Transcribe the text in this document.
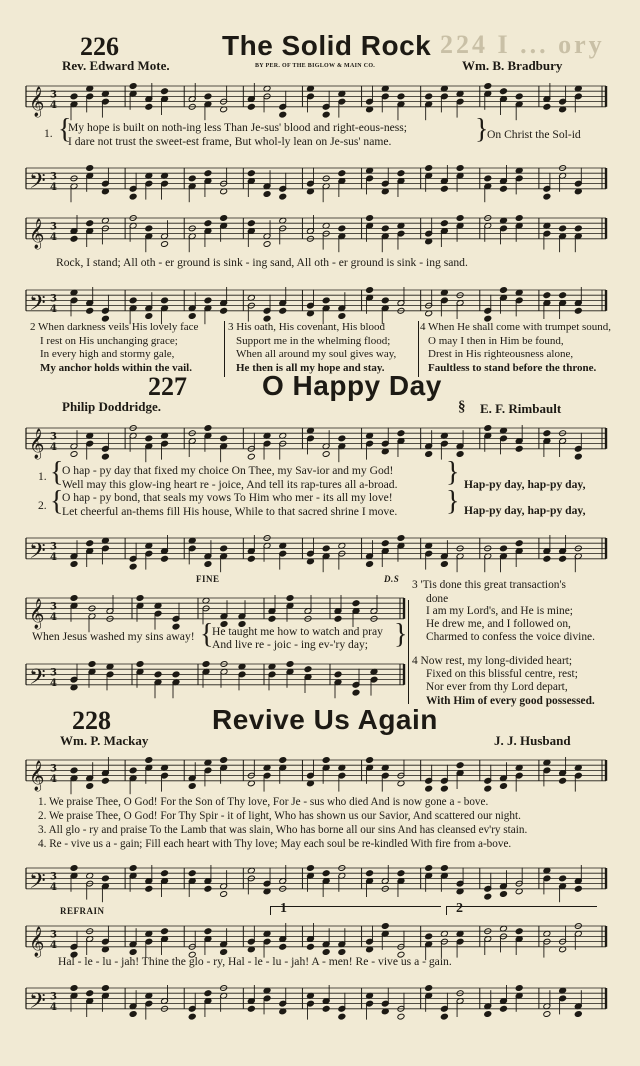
224 I ... ory
226	The Solid Rock
Rev. Edward Mote.	BY PER. OF THE BIGLOW & MAIN CO.	Wm. B. Bradbury
𝄞 3
4
1. {
My hope is built on noth-ing less Than Je-sus' blood and right-eous-ness;
I dare not trust the sweet-est frame, But whol-ly lean on Je-sus' name.	}
On Christ the Sol-id
𝄢 3
4
𝄞 3
4
Rock, I stand; All oth - er ground is sink - ing sand, All oth - er ground is sink - ing sand.
𝄢 3
4
2 When darkness veils His lovely face
I rest on His unchanging grace;
In every high and stormy gale,
My anchor holds within the vail.
3 His oath, His covenant, His blood
Support me in the whelming flood;
When all around my soul gives way,
He then is all my hope and stay.
4 When He shall come with trumpet sound,
O may I then in Him be found,
Drest in His righteousness alone,
Faultless to stand before the throne.
227	O Happy Day
Philip Doddridge.	E. F. Rimbault
§
𝄞 3
4
1. {
O hap - py day that fixed my choice On Thee, my Sav-ior and my God!
Well may this glow-ing heart re - joice, And tell its rap-tures all a-broad. } Hap-py day, hap-py day,
2. {
O hap - py bond, that seals my vows To Him who mer - its all my love!
Let cheerful an-thems fill His house, While to that sacred shrine I move. } Hap-py day, hap-py day,
𝄢 3
4
FINE	D.S
𝄞 3
4
When Jesus washed my sins away! {
He taught me how to watch and pray
And live re - joic - ing ev-'ry day; }
𝄢 3
4
3 'Tis done this great transaction's
done
I am my Lord's, and He is mine;
He drew me, and I followed on,
Charmed to confess the voice divine.
4 Now rest, my long-divided heart;
Fixed on this blissful centre, rest;
Nor ever from thy Lord depart,
With Him of every good possessed.
228	Revive Us Again
Wm. P. Mackay	J. J. Husband
𝄞 3
4
1. We praise Thee, O God! For the Son of Thy love, For Je - sus who died And is now gone a - bove.
2. We praise Thee, O God! For Thy Spir - it of light, Who has shown us our Savior, And scattered our night.
3. All glo - ry and praise To the Lamb that was slain, Who has borne all our sins And has cleansed ev'ry stain.
4. Re - vive us a - gain; Fill each heart with Thy love; May each soul be re-kindled With fire from a-bove.
𝄢 3
4
REFRAIN	1	2
𝄞 3
4
Hal - le - lu - jah! Thine the glo - ry, Hal - le - lu - jah! A - men! Re - vive us a - gain.
𝄢 3
4
